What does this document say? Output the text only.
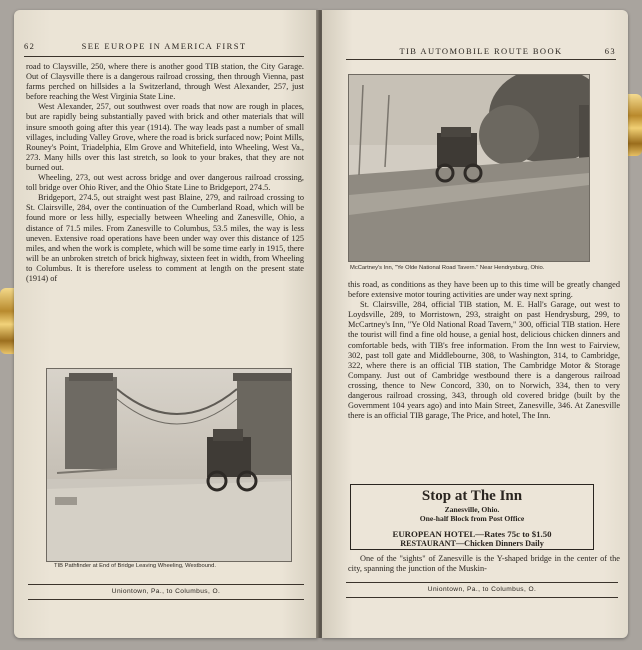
62	SEE EUROPE IN AMERICA FIRST

road to Claysville, 250, where there is another good TIB station, the City Garage. Out of Claysville there is a dangerous railroad crossing, then through Vienna, past farms perched on hillsides a la Switzerland, through West Alexander, 257, just before reaching the West Virginia State Line.

West Alexander, 257, out southwest over roads that now are rough in places, but are rapidly being substantially paved with brick and other materials that will insure smooth going after this year (1914). The way leads past a number of small villages, including Valley Grove, where the road is brick surfaced now; Point Mills, Rouney's Point, Triadelphia, Elm Grove and Whitefield, into Wheeling, West Va., 273. Many hills over this last stretch, so look to your brakes, that they are not burned out.

Wheeling, 273, out west across bridge and over dangerous railroad crossing, toll bridge over Ohio River, and the Ohio State Line to Bridgeport, 274.5.

Bridgeport, 274.5, out straight west past Blaine, 279, and railroad crossing to St. Clairsville, 284, over the continuation of the Cumberland Road, which will be found more or less hilly, especially between Wheeling and Zanesville, Ohio, a distance of 71.5 miles. From Zanesville to Columbus, 53.5 miles, the way is less uneven. Extensive road operations have been under way over this distance of 125 miles, and when the work is complete, which will be some time early in 1915, there will be an unbroken stretch of brick highway, sixteen feet in width, from Wheeling to Columbus. It is therefore useless to comment at length on the present state (1914) of

TIB Pathfinder at End of Bridge Leaving Wheeling, Westbound.
Uniontown, Pa., to Columbus, O.
TIB AUTOMOBILE ROUTE BOOK	63
McCartney's Inn, "Ye Olde National Road Tavern." Near Hendrysburg, Ohio.

this road, as conditions as they have been up to this time will be greatly changed before extensive motor touring activities are under way next spring.

St. Clairsville, 284, official TIB station, M. E. Hall's Garage, out west to Loydsville, 289, to Morristown, 293, straight on past Hendrysburg, 299, to McCartney's Inn, "Ye Old National Road Tavern," 300, official TIB station. Here the tourist will find a fine old house, a genial host, delicious chicken dinners and comfortable beds, with TIB's free information. From the Inn west to Fairview, 302, past toll gate and Middlebourne, 308, to Washington, 314, to Cambridge, 322, where there is an official TIB station, The Cambridge Motor & Storage Company. Just out of Cambridge westbound there is a dangerous railroad crossing, thence to New Concord, 330, on to Norwich, 334, then to very dangerous railroad crossing, 343, through old covered bridge (built by the Government 104 years ago) and into Main Street, Zanesville, 346. At Zanesville there is an official TIB garage, The Price, and hotel, The Inn.

Stop at The Inn
Zanesville, Ohio.
One-half Block from Post Office
EUROPEAN HOTEL—Rates 75c to $1.50
RESTAURANT—Chicken Dinners Daily

One of the "sights" of Zanesville is the Y-shaped bridge in the center of the city, spanning the junction of the Muskin-

Uniontown, Pa., to Columbus, O.
